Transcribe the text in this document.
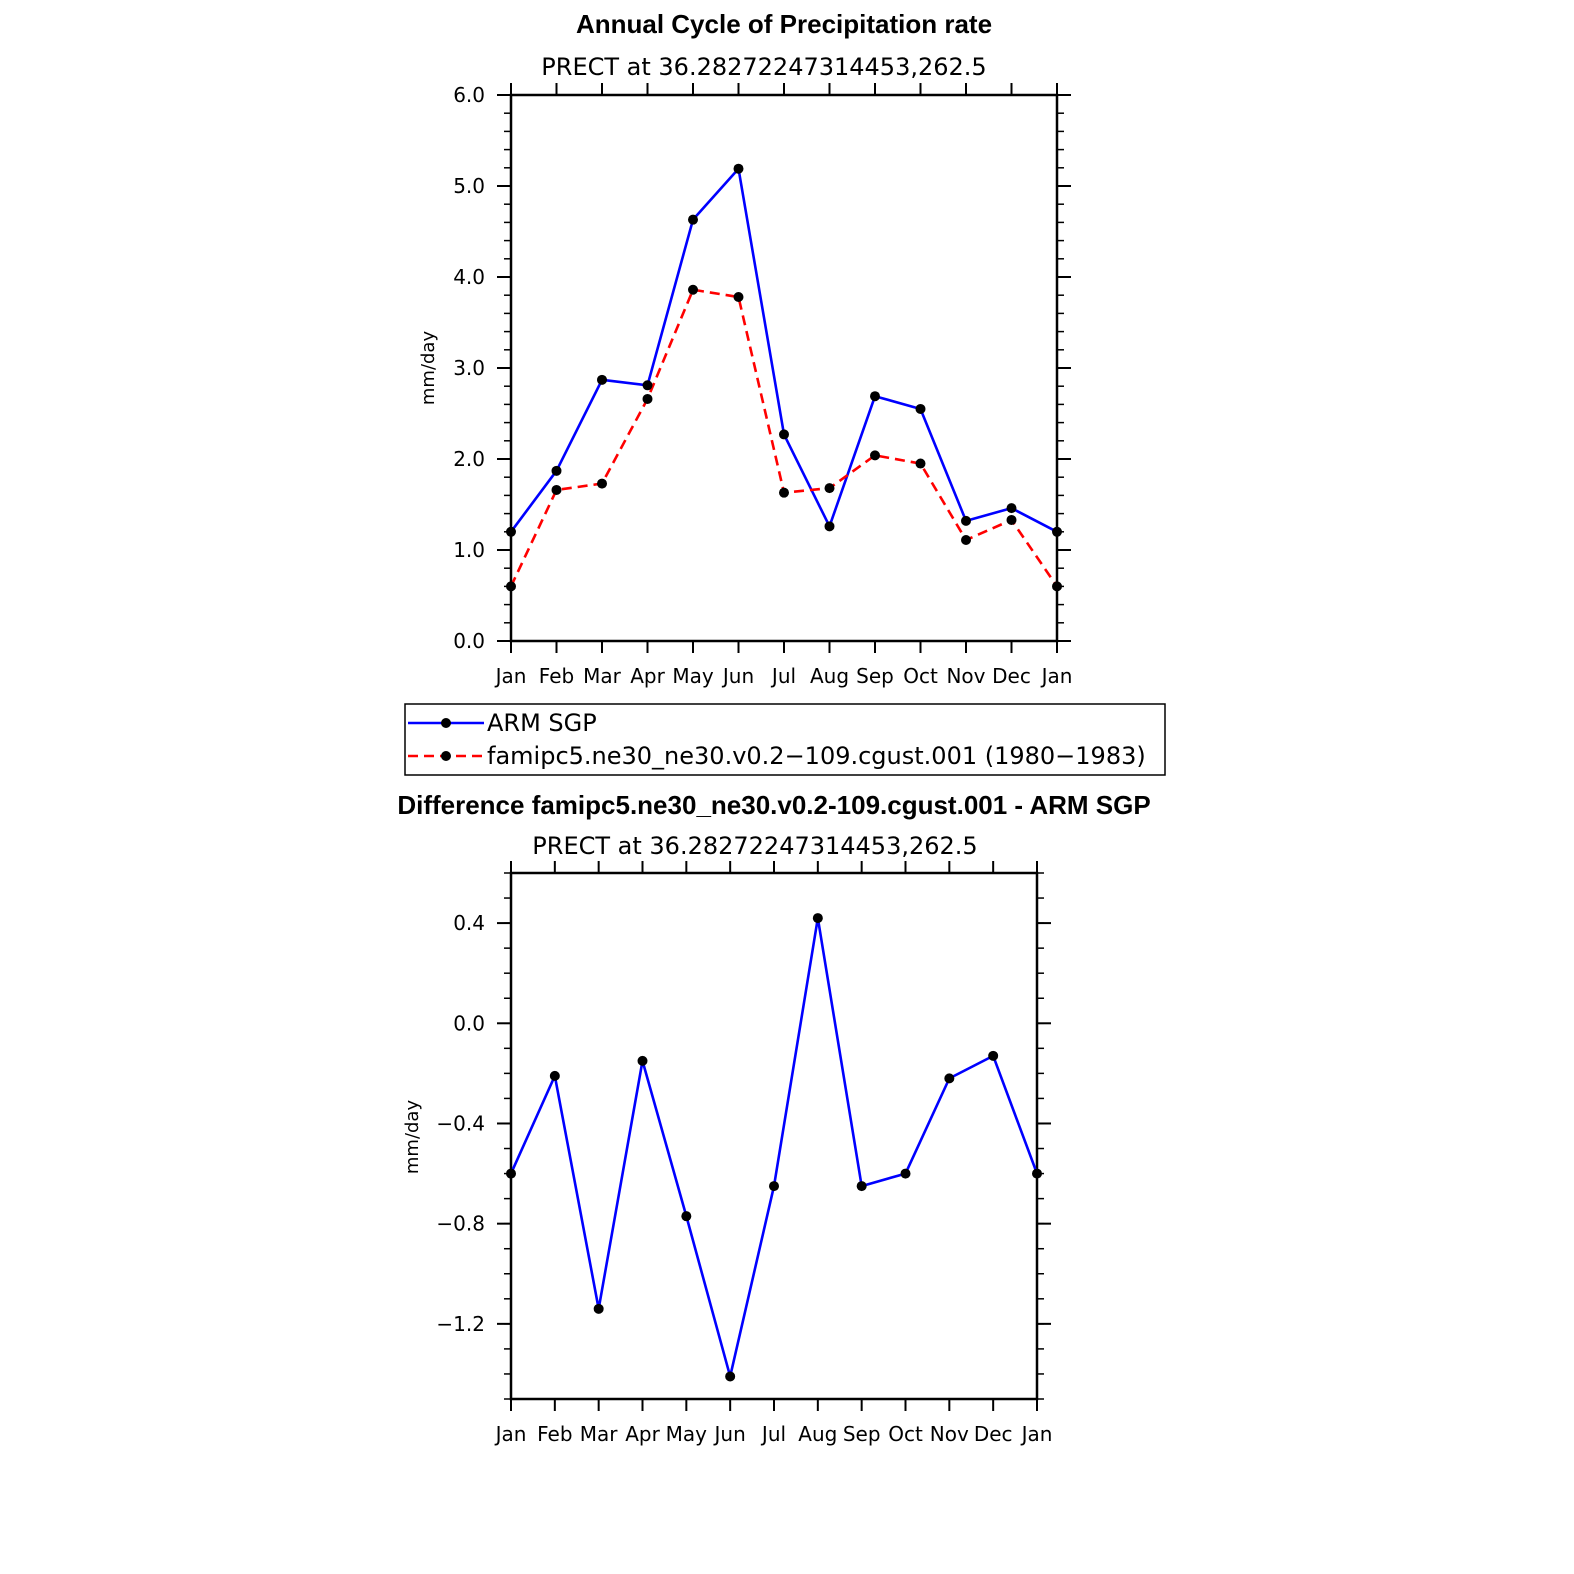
Annual Cycle of Precipitation rate
PRECT at 36.28272247314453,262.5
mm/day
Jan Feb Mar Apr May Jun Jul Aug Sep Oct Nov Dec Jan
0.0
1.0
2.0
3.0
4.0
5.0
6.0
ARM SGP
famipc5.ne30_ne30.v0.2−109.cgust.001 (1980−1983)
Difference famipc5.ne30_ne30.v0.2-109.cgust.001 - ARM SGP
PRECT at 36.28272247314453,262.5
mm/day
Jan Feb Mar Apr May Jun Jul Aug Sep Oct Nov Dec Jan
−1.2
−0.8
−0.4
0.0
0.4
